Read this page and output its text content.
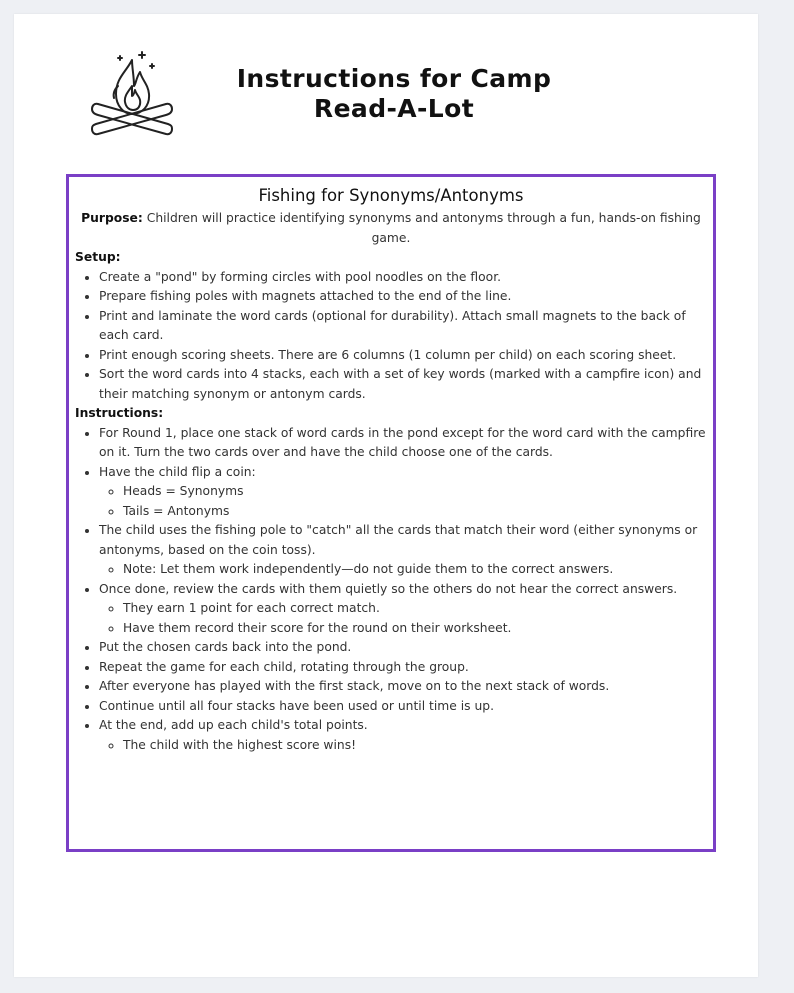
Instructions for Camp
Read-A-Lot
Fishing for Synonyms/Antonyms

Purpose: Children will practice identifying synonyms and antonyms through a fun, hands-on fishing game.

Setup:
• Create a "pond" by forming circles with pool noodles on the floor.
• Prepare fishing poles with magnets attached to the end of the line.
• Print and laminate the word cards (optional for durability). Attach small magnets to the back of each card.
• Print enough scoring sheets. There are 6 columns (1 column per child) on each scoring sheet.
• Sort the word cards into 4 stacks, each with a set of key words (marked with a campfire icon) and their matching synonym or antonym cards.
Instructions:
• For Round 1, place one stack of word cards in the pond except for the word card with the campfire on it. Turn the two cards over and have the child choose one of the cards.
• Have the child flip a coin:
◦ Heads = Synonyms
◦ Tails = Antonyms
• The child uses the fishing pole to "catch" all the cards that match their word (either synonyms or antonyms, based on the coin toss).
◦ Note: Let them work independently—do not guide them to the correct answers.
• Once done, review the cards with them quietly so the others do not hear the correct answers.
◦ They earn 1 point for each correct match.
◦ Have them record their score for the round on their worksheet.
• Put the chosen cards back into the pond.
• Repeat the game for each child, rotating through the group.
• After everyone has played with the first stack, move on to the next stack of words.
• Continue until all four stacks have been used or until time is up.
• At the end, add up each child's total points.
◦ The child with the highest score wins!
